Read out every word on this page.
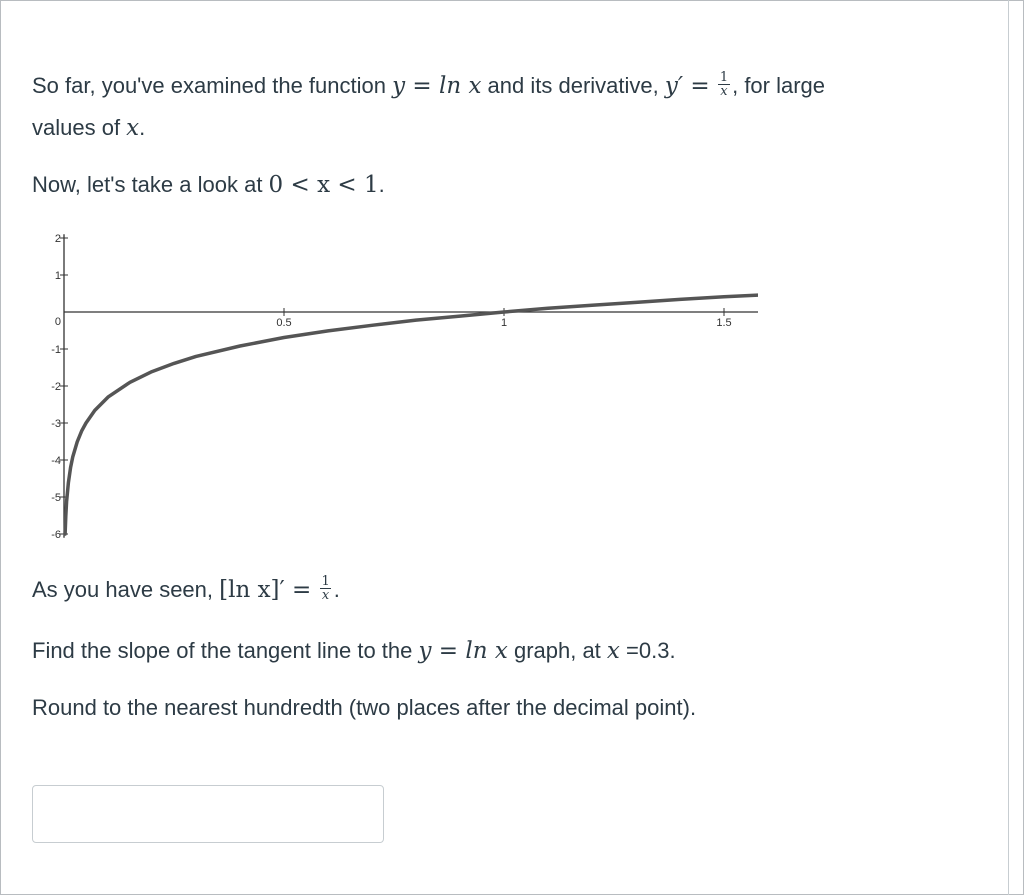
So far, you've examined the function y = ln x and its derivative, $y' = \frac{1}{x}$ , for large
values of x.
Now, let's take a look at 0 < x < 1.
2
1
0
-1
-2
-3
-4
-5
-6
0.5	1	1.5
As you have seen, [ln $x]' = \frac{1}{x}$ .
Find the slope of the tangent line to the y = ln x graph, at x =0.3.
Round to the nearest hundredth (two places after the decimal point).
